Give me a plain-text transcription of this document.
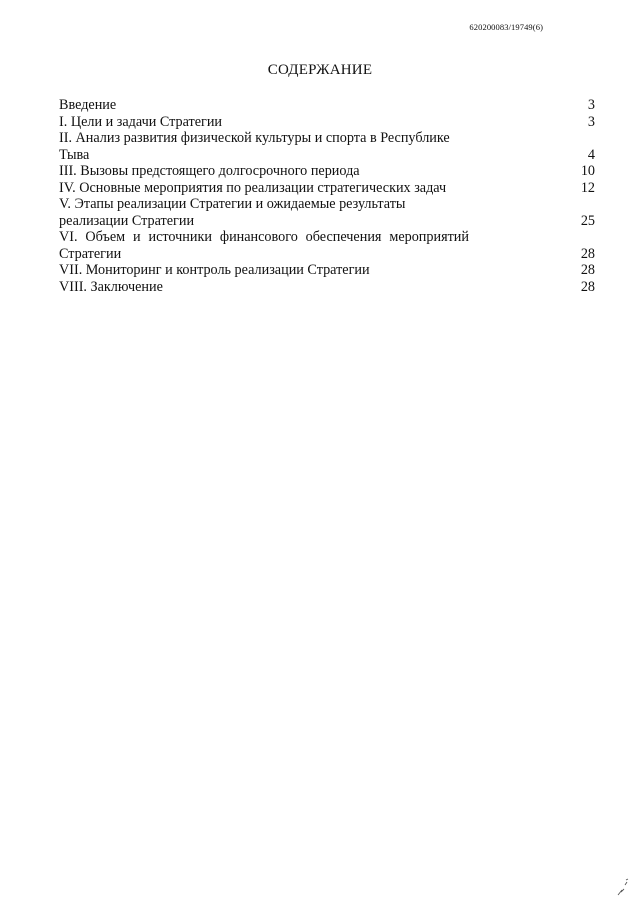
620200083/19749(6)
СОДЕРЖАНИЕ
Введение	3
I. Цели и задачи Стратегии	3
II. Анализ развития физической культуры и спорта в Республике Тыва	4
III. Вызовы предстоящего долгосрочного периода	10
IV. Основные мероприятия по реализации стратегических задач	12
V. Этапы реализации Стратегии и ожидаемые результаты реализации Стратегии	25
VI. Объем и источники финансового обеспечения мероприятий Стратегии	28
VII. Мониторинг и контроль реализации Стратегии	28
VIII. Заключение	28
